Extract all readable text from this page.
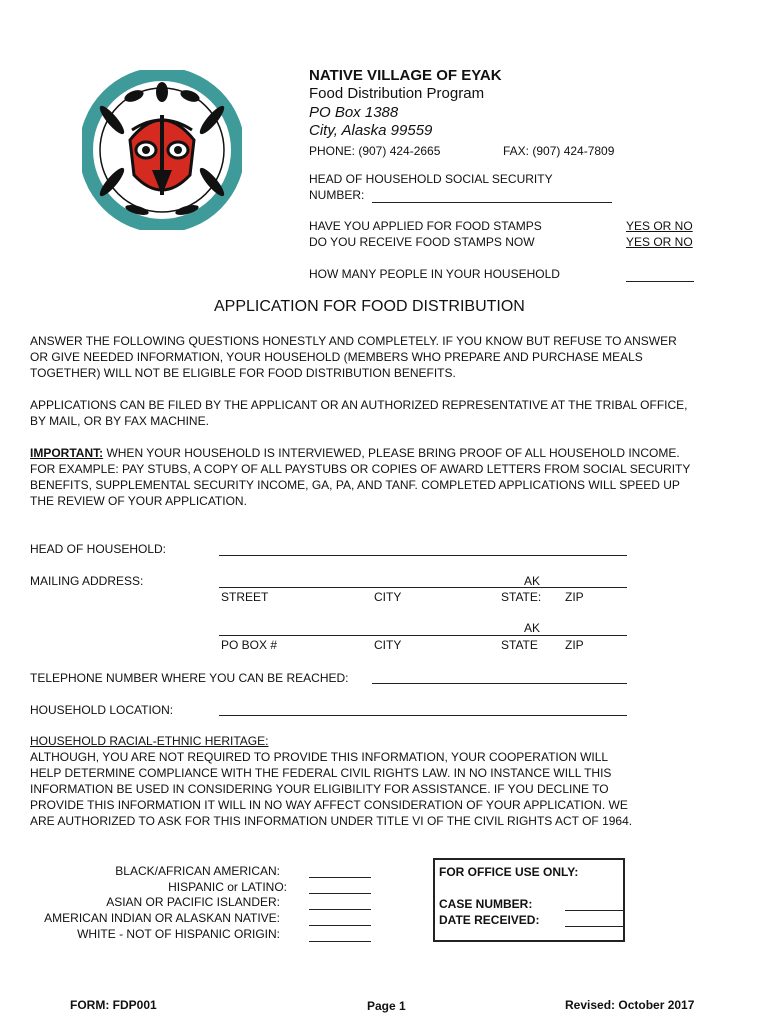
NATIVE VILLAGE OF EYAK
Food Distribution Program
PO Box 1388
City, Alaska 99559
PHONE: (907) 424-2665	FAX: (907) 424-7809
HEAD OF HOUSEHOLD SOCIAL SECURITY NUMBER:
HAVE YOU APPLIED FOR FOOD STAMPS	YES OR NO
DO YOU RECEIVE FOOD STAMPS NOW	YES OR NO
HOW MANY PEOPLE IN YOUR HOUSEHOLD
APPLICATION FOR FOOD DISTRIBUTION

ANSWER THE FOLLOWING QUESTIONS HONESTLY AND COMPLETELY. IF YOU KNOW BUT REFUSE TO ANSWER OR GIVE NEEDED INFORMATION, YOUR HOUSEHOLD (MEMBERS WHO PREPARE AND PURCHASE MEALS TOGETHER) WILL NOT BE ELIGIBLE FOR FOOD DISTRIBUTION BENEFITS.

APPLICATIONS CAN BE FILED BY THE APPLICANT OR AN AUTHORIZED REPRESENTATIVE AT THE TRIBAL OFFICE, BY MAIL, OR BY FAX MACHINE.

IMPORTANT: WHEN YOUR HOUSEHOLD IS INTERVIEWED, PLEASE BRING PROOF OF ALL HOUSEHOLD INCOME. FOR EXAMPLE: PAY STUBS, A COPY OF ALL PAYSTUBS OR COPIES OF AWARD LETTERS FROM SOCIAL SECURITY BENEFITS, SUPPLEMENTAL SECURITY INCOME, GA, PA, AND TANF. COMPLETED APPLICATIONS WILL SPEED UP THE REVIEW OF YOUR APPLICATION.

HEAD OF HOUSEHOLD:
MAILING ADDRESS:	AK
STREET	CITY	STATE: ZIP
AK
PO BOX #	CITY	STATE ZIP
TELEPHONE NUMBER WHERE YOU CAN BE REACHED:
HOUSEHOLD LOCATION:
HOUSEHOLD RACIAL-ETHNIC HERITAGE:

ALTHOUGH, YOU ARE NOT REQUIRED TO PROVIDE THIS INFORMATION, YOUR COOPERATION WILL HELP DETERMINE COMPLIANCE WITH THE FEDERAL CIVIL RIGHTS LAW. IN NO INSTANCE WILL THIS INFORMATION BE USED IN CONSIDERING YOUR ELIGIBILITY FOR ASSISTANCE. IF YOU DECLINE TO PROVIDE THIS INFORMATION IT WILL IN NO WAY AFFECT CONSIDERATION OF YOUR APPLICATION. WE ARE AUTHORIZED TO ASK FOR THIS INFORMATION UNDER TITLE VI OF THE CIVIL RIGHTS ACT OF 1964.

BLACK/AFRICAN AMERICAN:
HISPANIC or LATINO:
ASIAN OR PACIFIC ISLANDER:
AMERICAN INDIAN OR ALASKAN NATIVE:
WHITE - NOT OF HISPANIC ORIGIN:
FOR OFFICE USE ONLY:
CASE NUMBER:
DATE RECEIVED:
FORM: FDP001	Page 1	Revised: October 2017
